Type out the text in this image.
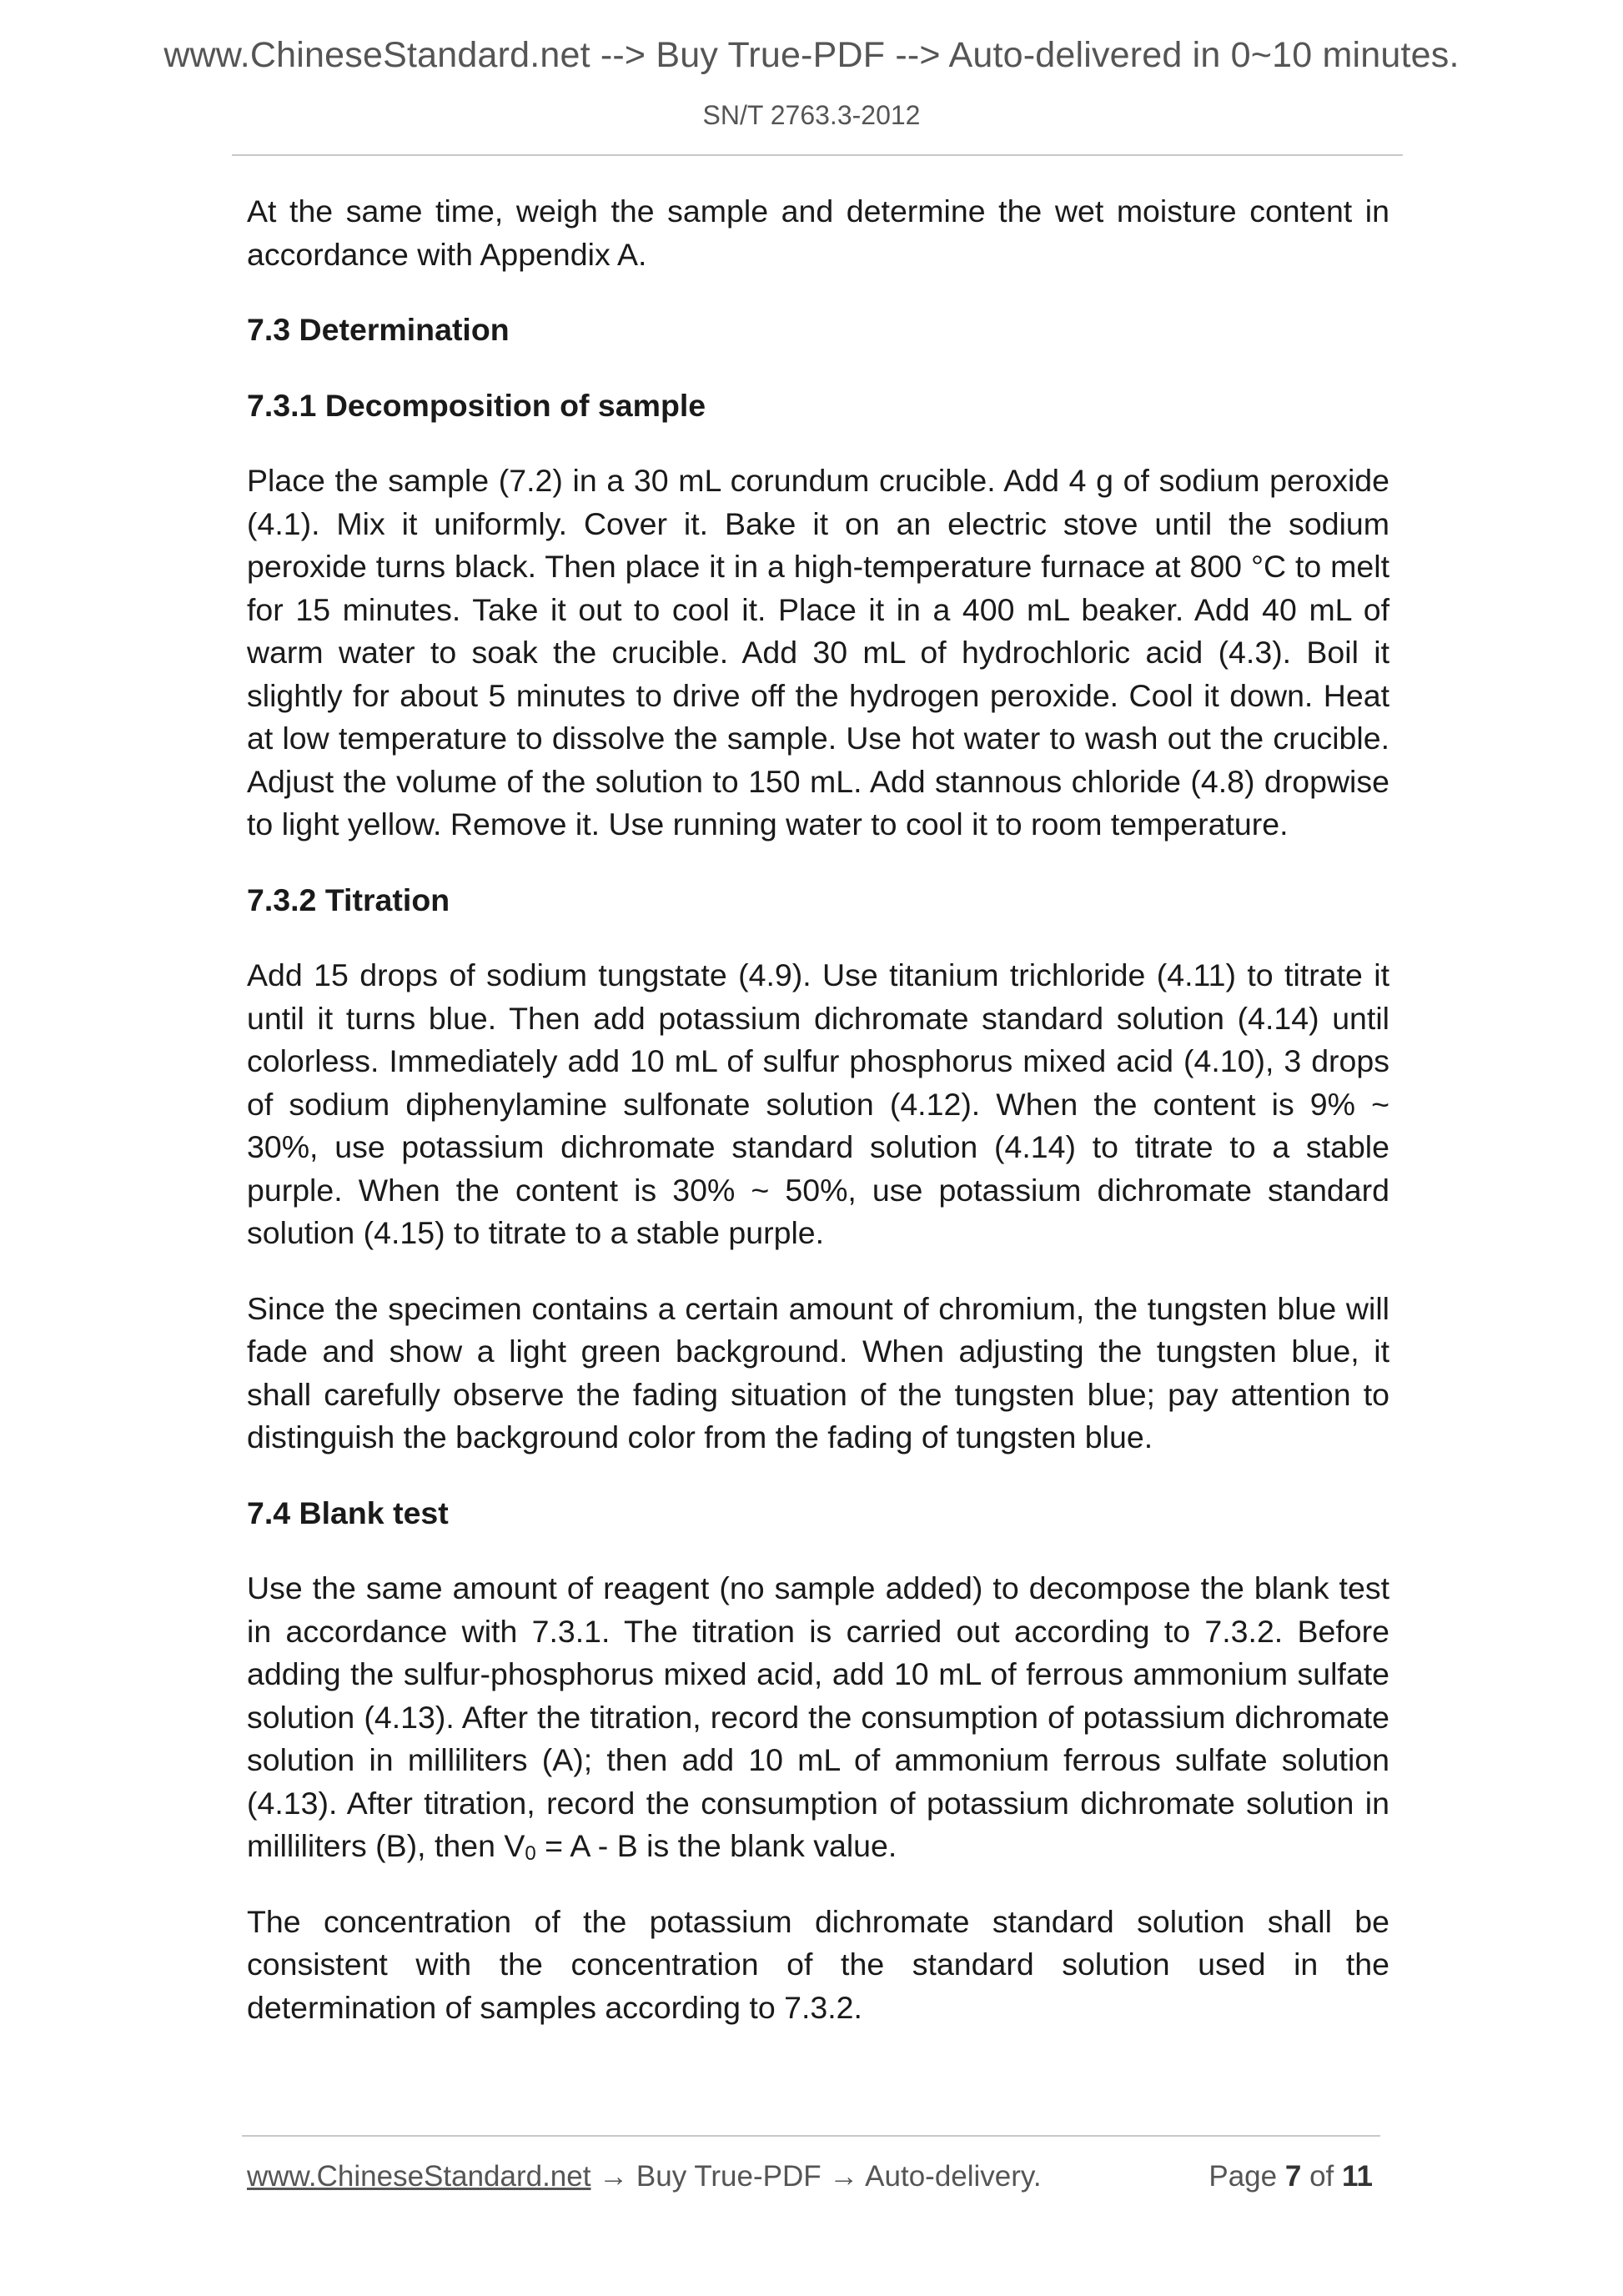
www.ChineseStandard.net --> Buy True-PDF --> Auto-delivered in 0~10 minutes.
SN/T 2763.3-2012

At the same time, weigh the sample and determine the wet moisture content in accordance with Appendix A.

7.3 Determination
7.3.1 Decomposition of sample

Place the sample (7.2) in a 30 mL corundum crucible. Add 4 g of sodium peroxide (4.1). Mix it uniformly. Cover it. Bake it on an electric stove until the sodium peroxide turns black. Then place it in a high-temperature furnace at 800 °C to melt for 15 minutes. Take it out to cool it. Place it in a 400 mL beaker. Add 40 mL of warm water to soak the crucible. Add 30 mL of hydrochloric acid (4.3). Boil it slightly for about 5 minutes to drive off the hydrogen peroxide. Cool it down. Heat at low temperature to dissolve the sample. Use hot water to wash out the crucible. Adjust the volume of the solution to 150 mL. Add stannous chloride (4.8) dropwise to light yellow. Remove it. Use running water to cool it to room temperature.

7.3.2 Titration

Add 15 drops of sodium tungstate (4.9). Use titanium trichloride (4.11) to titrate it until it turns blue. Then add potassium dichromate standard solution (4.14) until colorless. Immediately add 10 mL of sulfur phosphorus mixed acid (4.10), 3 drops of sodium diphenylamine sulfonate solution (4.12). When the content is 9% ~ 30%, use potassium dichromate standard solution (4.14) to titrate to a stable purple. When the content is 30% ~ 50%, use potassium dichromate standard solution (4.15) to titrate to a stable purple.

Since the specimen contains a certain amount of chromium, the tungsten blue will fade and show a light green background. When adjusting the tungsten blue, it shall carefully observe the fading situation of the tungsten blue; pay attention to distinguish the background color from the fading of tungsten blue.

7.4 Blank test

Use the same amount of reagent (no sample added) to decompose the blank test in accordance with 7.3.1. The titration is carried out according to 7.3.2. Before adding the sulfur-phosphorus mixed acid, add 10 mL of ferrous ammonium sulfate solution (4.13). After the titration, record the consumption of potassium dichromate solution in milliliters (A); then add 10 mL of ammonium ferrous sulfate solution (4.13). After titration, record the consumption of potassium dichromate solution in milliliters (B), then $V_0 = A - B$ is the blank value.

The concentration of the potassium dichromate standard solution shall be consistent with the concentration of the standard solution used in the determination of samples according to 7.3.2.

www.ChineseStandard.net → Buy True-PDF → Auto-delivery.	Page 7 of 11
